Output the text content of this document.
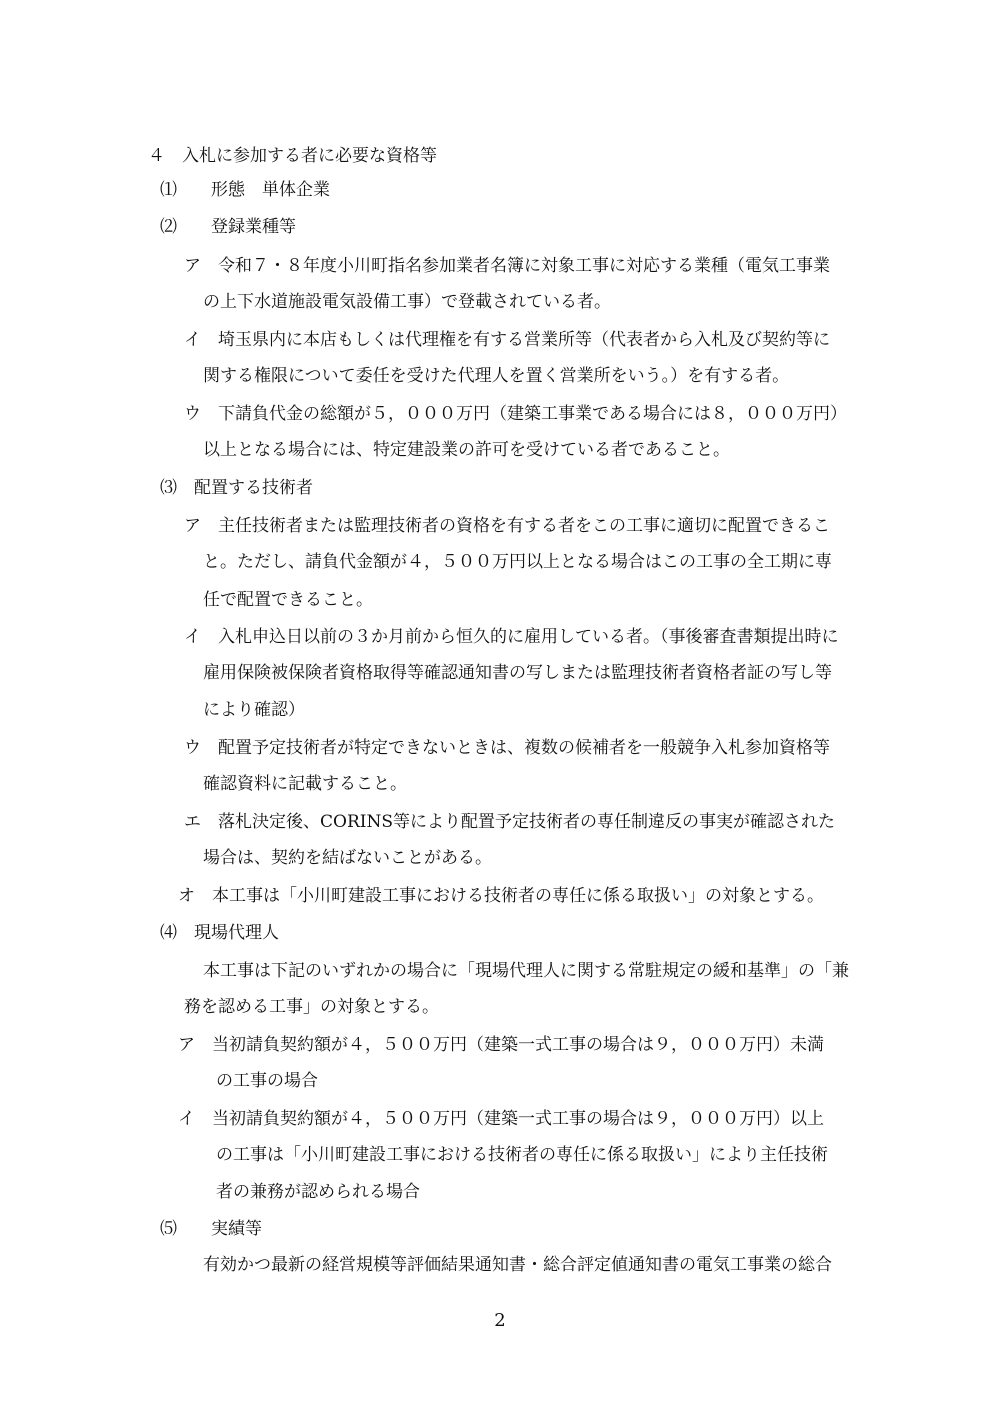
４　入札に参加する者に必要な資格等
⑴　　形態　単体企業
⑵　　登録業種等
ア　令和７・８年度小川町指名参加業者名簿に対象工事に対応する業種（電気工事業
の上下水道施設電気設備工事）で登載されている者。
イ　埼玉県内に本店もしくは代理権を有する営業所等（代表者から入札及び契約等に
関する権限について委任を受けた代理人を置く営業所をいう。）を有する者。
ウ　下請負代金の総額が５，０００万円（建築工事業である場合には８，０００万円）
以上となる場合には、特定建設業の許可を受けている者であること。
⑶　配置する技術者
ア　主任技術者または監理技術者の資格を有する者をこの工事に適切に配置できるこ
と。ただし、請負代金額が４，５００万円以上となる場合はこの工事の全工期に専
任で配置できること。
イ　入札申込日以前の３か月前から恒久的に雇用している者。（事後審査書類提出時に
雇用保険被保険者資格取得等確認通知書の写しまたは監理技術者資格者証の写し等
により確認）
ウ　配置予定技術者が特定できないときは、複数の候補者を一般競争入札参加資格等
確認資料に記載すること。
エ　落札決定後、CORINS等により配置予定技術者の専任制違反の事実が確認された
場合は、契約を結ばないことがある。
オ　本工事は「小川町建設工事における技術者の専任に係る取扱い」の対象とする。
⑷　現場代理人
本工事は下記のいずれかの場合に「現場代理人に関する常駐規定の緩和基準」の「兼
務を認める工事」の対象とする。
ア　当初請負契約額が４，５００万円（建築一式工事の場合は９，０００万円）未満
の工事の場合
イ　当初請負契約額が４，５００万円（建築一式工事の場合は９，０００万円）以上
の工事は「小川町建設工事における技術者の専任に係る取扱い」により主任技術
者の兼務が認められる場合
⑸　　実績等
有効かつ最新の経営規模等評価結果通知書・総合評定値通知書の電気工事業の総合
2
